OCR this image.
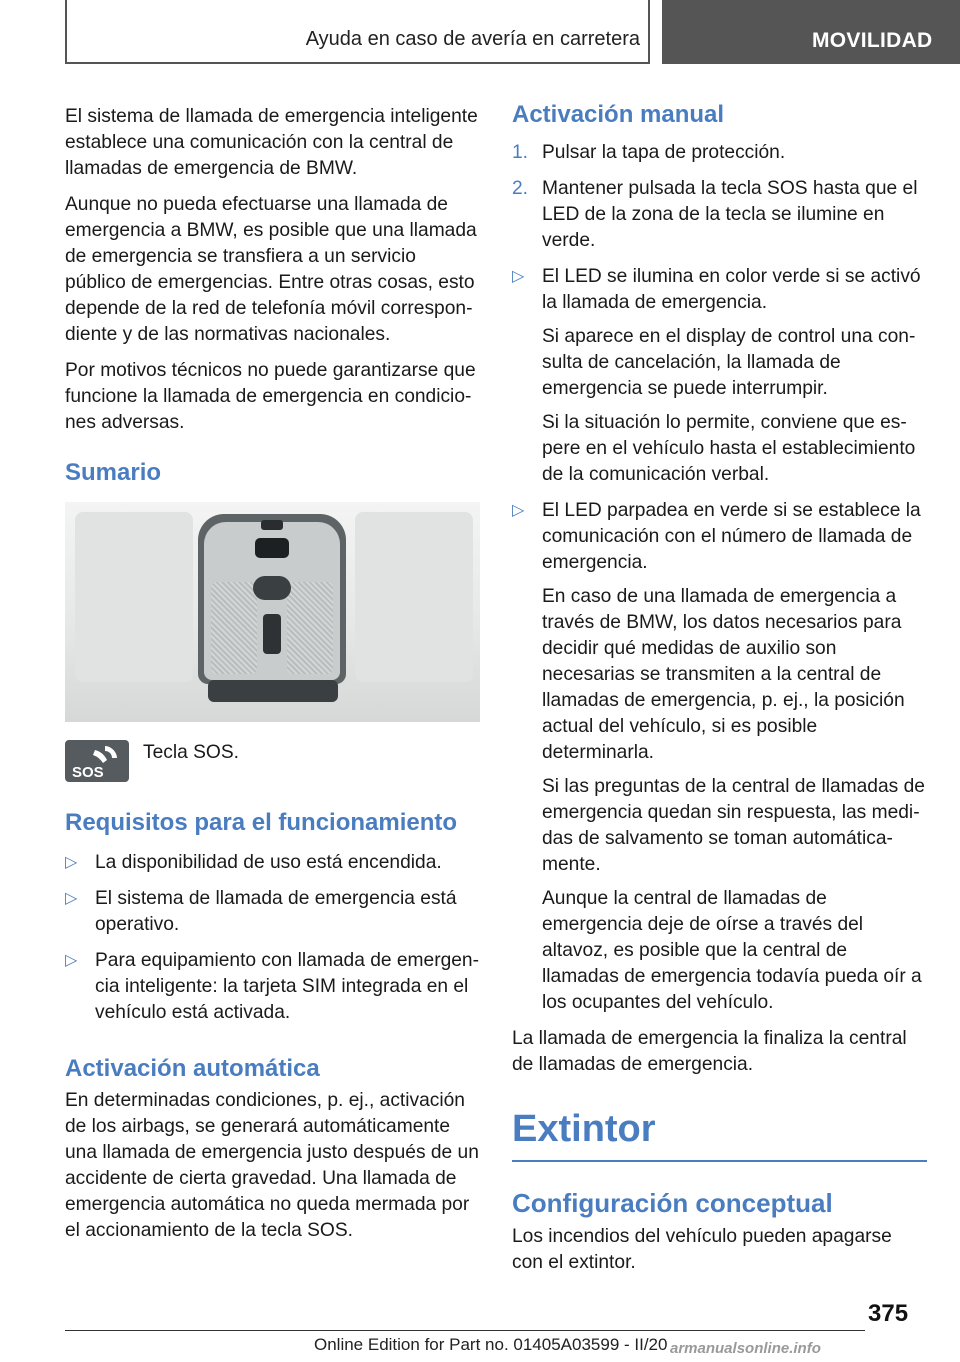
Ayuda en caso de avería en carretera	MOVILIDAD

El sistema de llamada de emergencia inteligente establece una comunicación con la central de llamadas de emergencia de BMW.

Aunque no pueda efectuarse una llamada de emergencia a BMW, es posible que una llamada de emergencia se transfiera a un servicio público de emergencias. Entre otras cosas, esto depende de la red de telefonía móvil correspondiente y de las normativas nacionales.

Por motivos técnicos no puede garantizarse que funcione la llamada de emergencia en condiciones adversas.

Sumario
SOS
Tecla SOS.
Requisitos para el funcionamiento
▷ La disponibilidad de uso está encendida.
▷ El sistema de llamada de emergencia está operativo.
▷ Para equipamiento con llamada de emergencia inteligente: la tarjeta SIM integrada en el vehículo está activada.
Activación automática

En determinadas condiciones, p. ej., activación de los airbags, se generará automáticamente una llamada de emergencia justo después de un accidente de cierta gravedad. Una llamada de emergencia automática no queda mermada por el accionamiento de la tecla SOS.

Activación manual
1. Pulsar la tapa de protección.
2. Mantener pulsada la tecla SOS hasta que el LED de la zona de la tecla se ilumine en verde.
▷ El LED se ilumina en color verde si se activó la llamada de emergencia.
Si aparece en el display de control una consulta de cancelación, la llamada de emergencia se puede interrumpir.
Si la situación lo permite, conviene que espere en el vehículo hasta el establecimiento de la comunicación verbal.
▷ El LED parpadea en verde si se establece la comunicación con el número de llamada de emergencia.
En caso de una llamada de emergencia a través de BMW, los datos necesarios para decidir qué medidas de auxilio son necesarias se transmiten a la central de llamadas de emergencia, p. ej., la posición actual del vehículo, si es posible determinarla.
Si las preguntas de la central de llamadas de emergencia quedan sin respuesta, las medidas de salvamento se toman automáticamente.
Aunque la central de llamadas de emergencia deje de oírse a través del altavoz, es posible que la central de llamadas de emergencia todavía pueda oír a los ocupantes del vehículo.

La llamada de emergencia la finaliza la central de llamadas de emergencia.

Extintor
Configuración conceptual

Los incendios del vehículo pueden apagarse con el extintor.

375
Online Edition for Part no. 01405A03599 - II/20 armanualsonline.info
